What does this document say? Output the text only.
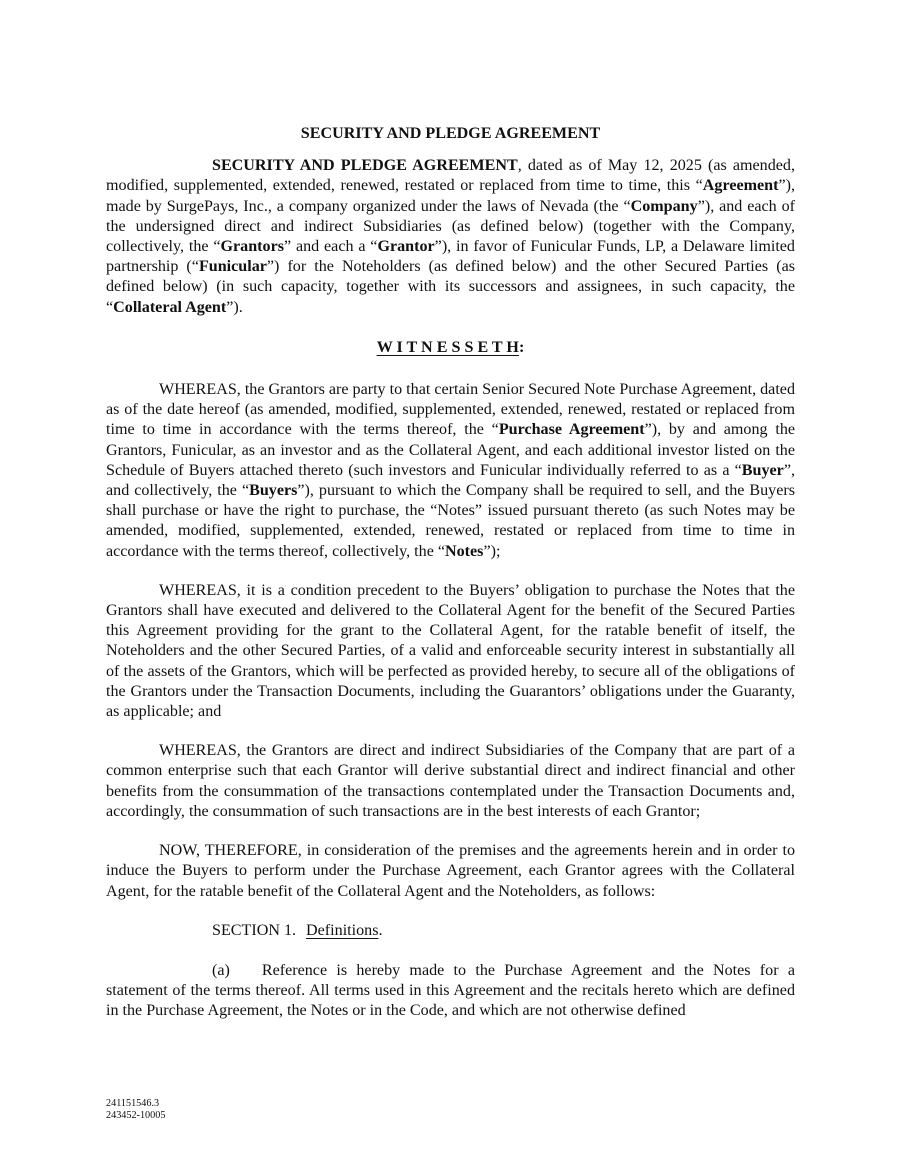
SECURITY AND PLEDGE AGREEMENT

SECURITY AND PLEDGE AGREEMENT, dated as of May 12, 2025 (as amended, modified, supplemented, extended, renewed, restated or replaced from time to time, this “Agreement”), made by SurgePays, Inc., a company organized under the laws of Nevada (the “Company”), and each of the undersigned direct and indirect Subsidiaries (as defined below) (together with the Company, collectively, the “Grantors” and each a “Grantor”), in favor of Funicular Funds, LP, a Delaware limited partnership (“Funicular”) for the Noteholders (as defined below) and the other Secured Parties (as defined below) (in such capacity, together with its successors and assignees, in such capacity, the “Collateral Agent”).

W I T N E S S E T H:

WHEREAS, the Grantors are party to that certain Senior Secured Note Purchase Agreement, dated as of the date hereof (as amended, modified, supplemented, extended, renewed, restated or replaced from time to time in accordance with the terms thereof, the “Purchase Agreement”), by and among the Grantors, Funicular, as an investor and as the Collateral Agent, and each additional investor listed on the Schedule of Buyers attached thereto (such investors and Funicular individually referred to as a “Buyer”, and collectively, the “Buyers”), pursuant to which the Company shall be required to sell, and the Buyers shall purchase or have the right to purchase, the “Notes” issued pursuant thereto (as such Notes may be amended, modified, supplemented, extended, renewed, restated or replaced from time to time in accordance with the terms thereof, collectively, the “Notes”);

WHEREAS, it is a condition precedent to the Buyers’ obligation to purchase the Notes that the Grantors shall have executed and delivered to the Collateral Agent for the benefit of the Secured Parties this Agreement providing for the grant to the Collateral Agent, for the ratable benefit of itself, the Noteholders and the other Secured Parties, of a valid and enforceable security interest in substantially all of the assets of the Grantors, which will be perfected as provided hereby, to secure all of the obligations of the Grantors under the Transaction Documents, including the Guarantors’ obligations under the Guaranty, as applicable; and

WHEREAS, the Grantors are direct and indirect Subsidiaries of the Company that are part of a common enterprise such that each Grantor will derive substantial direct and indirect financial and other benefits from the consummation of the transactions contemplated under the Transaction Documents and, accordingly, the consummation of such transactions are in the best interests of each Grantor;

NOW, THEREFORE, in consideration of the premises and the agreements herein and in order to induce the Buyers to perform under the Purchase Agreement, each Grantor agrees with the Collateral Agent, for the ratable benefit of the Collateral Agent and the Noteholders, as follows:

SECTION 1. Definitions.

(a) Reference is hereby made to the Purchase Agreement and the Notes for a statement of the terms thereof. All terms used in this Agreement and the recitals hereto which are defined in the Purchase Agreement, the Notes or in the Code, and which are not otherwise defined

241151546.3
243452-10005
